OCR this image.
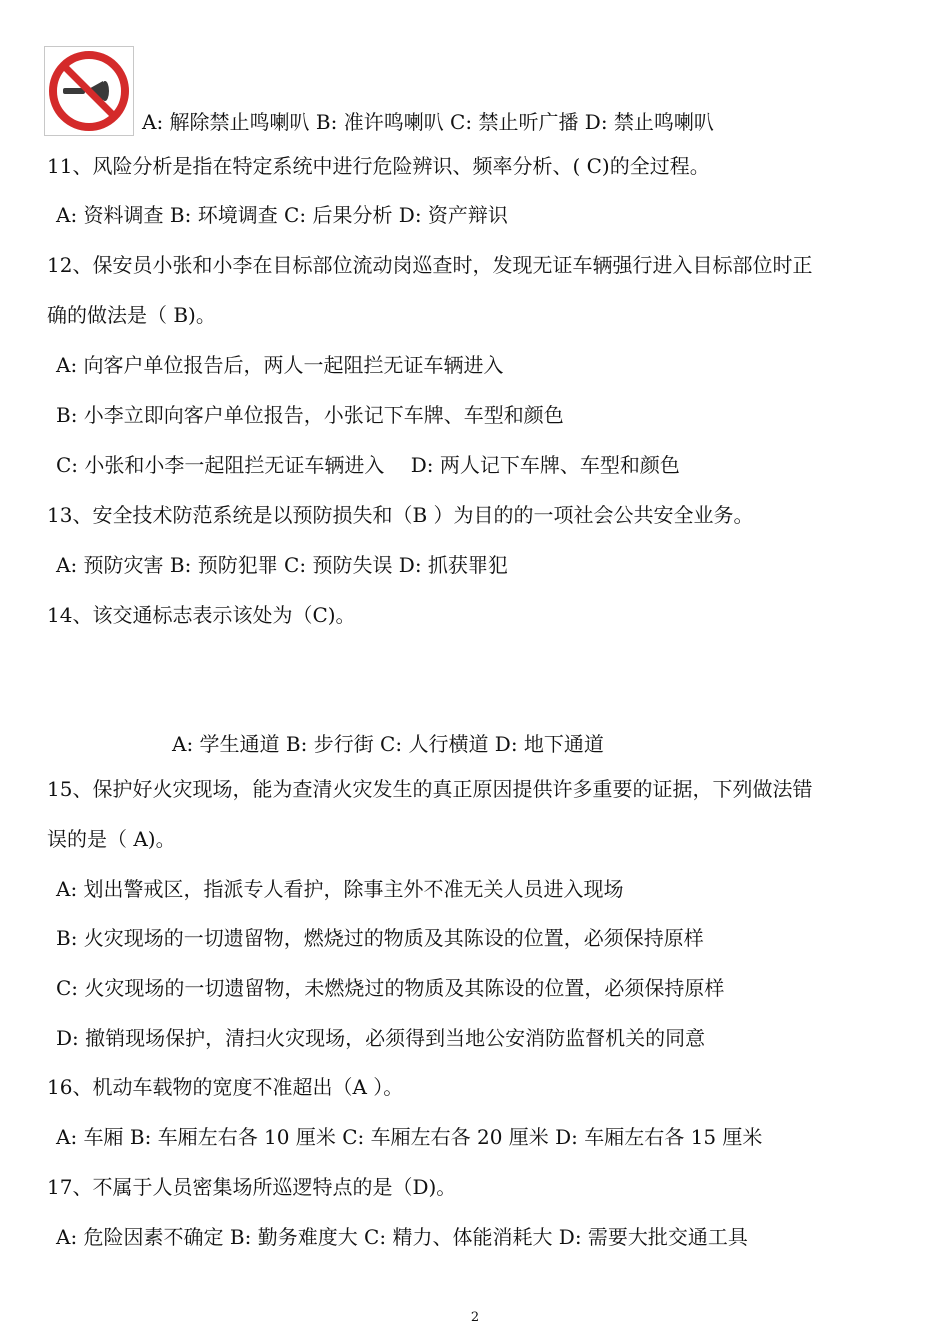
A: 解除禁止鸣喇叭 B: 准许鸣喇叭 C: 禁止听广播 D: 禁止鸣喇叭
11、风险分析是指在特定系统中进行危险辨识、频率分析、( C)的全过程。
A: 资料调查 B: 环境调查 C: 后果分析 D: 资产辩识
12、保安员小张和小李在目标部位流动岗巡查时，发现无证车辆强行进入目标部位时正
确的做法是（ B)。
A: 向客户单位报告后，两人一起阻拦无证车辆进入
B: 小李立即向客户单位报告，小张记下车牌、车型和颜色
C: 小张和小李一起阻拦无证车辆进入　 D: 两人记下车牌、车型和颜色
13、安全技术防范系统是以预防损失和（B ）为目的的一项社会公共安全业务。
A: 预防灾害 B: 预防犯罪 C: 预防失误 D: 抓获罪犯
14、该交通标志表示该处为（C)。
A: 学生通道 B: 步行街 C: 人行横道 D: 地下通道
15、保护好火灾现场，能为查清火灾发生的真正原因提供许多重要的证据，下列做法错
误的是（ A)。
A: 划出警戒区，指派专人看护，除事主外不准无关人员进入现场
B: 火灾现场的一切遗留物，燃烧过的物质及其陈设的位置，必须保持原样
C: 火灾现场的一切遗留物，未燃烧过的物质及其陈设的位置，必须保持原样
D: 撤销现场保护，清扫火灾现场，必须得到当地公安消防监督机关的同意
16、机动车载物的宽度不准超出（A ）。
A: 车厢 B: 车厢左右各 10 厘米 C: 车厢左右各 20 厘米 D: 车厢左右各 15 厘米
17、不属于人员密集场所巡逻特点的是（D)。
A: 危险因素不确定 B: 勤务难度大 C: 精力、体能消耗大 D: 需要大批交通工具
2
